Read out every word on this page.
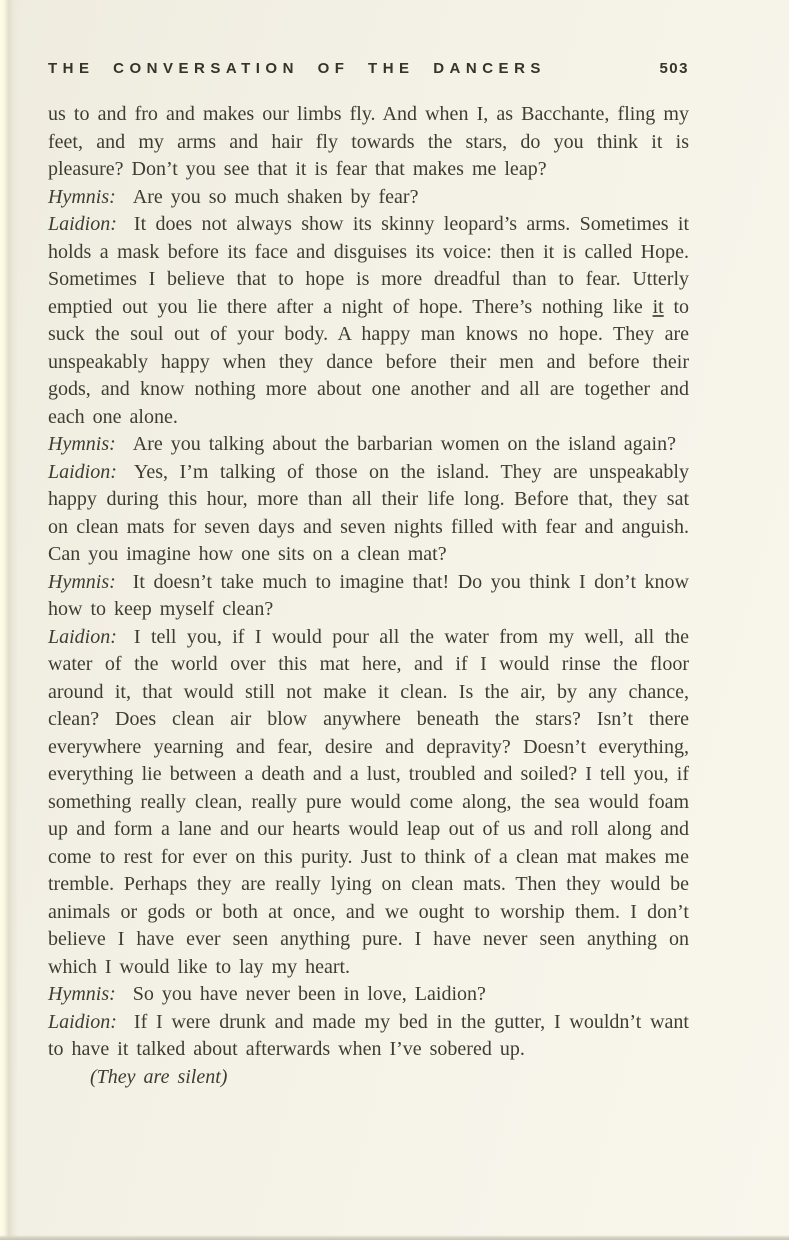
THE CONVERSATION OF THE DANCERS	503

us to and fro and makes our limbs fly. And when I, as Bacchante, fling my feet, and my arms and hair fly towards the stars, do you think it is pleasure? Don’t you see that it is fear that makes me leap?

Hymnis: Are you so much shaken by fear?

Laidion: It does not always show its skinny leopard’s arms. Sometimes it holds a mask before its face and disguises its voice: then it is called Hope. Sometimes I believe that to hope is more dreadful than to fear. Utterly emptied out you lie there after a night of hope. There’s nothing like it to suck the soul out of your body. A happy man knows no hope. They are unspeakably happy when they dance before their men and before their gods, and know nothing more about one another and all are together and each one alone.

Hymnis: Are you talking about the barbarian women on the island again?

Laidion: Yes, I’m talking of those on the island. They are unspeakably happy during this hour, more than all their life long. Before that, they sat on clean mats for seven days and seven nights filled with fear and anguish. Can you imagine how one sits on a clean mat?

Hymnis: It doesn’t take much to imagine that! Do you think I don’t know how to keep myself clean?

Laidion: I tell you, if I would pour all the water from my well, all the water of the world over this mat here, and if I would rinse the floor around it, that would still not make it clean. Is the air, by any chance, clean? Does clean air blow anywhere beneath the stars? Isn’t there everywhere yearning and fear, desire and depravity? Doesn’t everything, everything lie between a death and a lust, troubled and soiled? I tell you, if something really clean, really pure would come along, the sea would foam up and form a lane and our hearts would leap out of us and roll along and come to rest for ever on this purity. Just to think of a clean mat makes me tremble. Perhaps they are really lying on clean mats. Then they would be animals or gods or both at once, and we ought to worship them. I don’t believe I have ever seen anything pure. I have never seen anything on which I would like to lay my heart.

Hymnis: So you have never been in love, Laidion?

Laidion: If I were drunk and made my bed in the gutter, I wouldn’t want to have it talked about afterwards when I’ve sobered up.

(They are silent)
